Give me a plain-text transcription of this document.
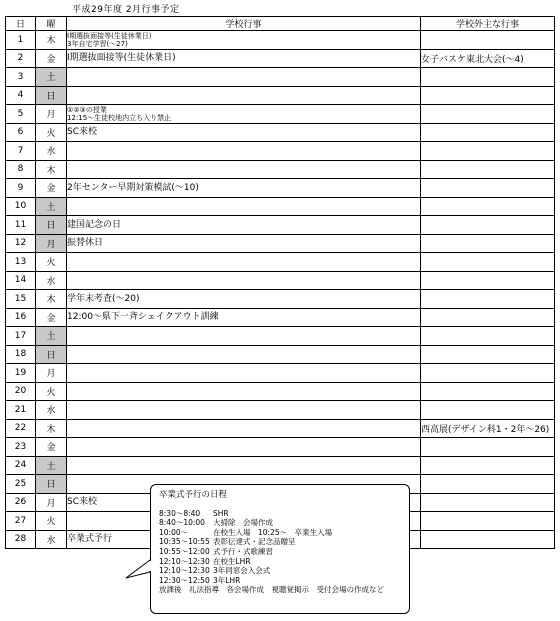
平成29年度 2月行事予定
日	曜	学校行事	学校外主な行事
1	木	Ⅰ期選抜面接等(生徒休業日)
3年自宅学習(～27)	

2	金	Ⅰ期選抜面接等(生徒休業日)	女子バスケ東北大会(～4)
3	土		
4	日		
5	月	①②③の授業
12:15～生徒校地内立ち入り禁止	

6	火	SC来校	

7	水		
8	木		
9	金	2年センター早期対策模試(～10)	

10	土		
11	日	建国記念の日	

12	月	振替休日	

13	火		
14	水		
15	木	学年末考査(～20)	

16	金	12:00～県下一斉シェイクアウト訓練	

17	土		
18	日		
19	月		
20	火		
21	水		
22	木		西高展(デザイン科1・2年～26)
23	金		
24	土		
25	日		
26	月	SC来校	

27	火		
28	水	卒業式予行	

卒業式予行の日程
8:30～8:40 SHR
8:40～10:00 大掃除　会場作成
10:00～	在校生入場　10:25～　卒業生入場
10:35～10:55 表彰伝達式・記念品贈呈
10:55～12:00 式予行・式歌練習
12:10～12:30 在校生LHR
12:10～12:30 3年同窓会入会式
12:30～12:50 3年LHR
放課後　礼法指導　各会場作成　視聴覚掲示　受付会場の作成など
